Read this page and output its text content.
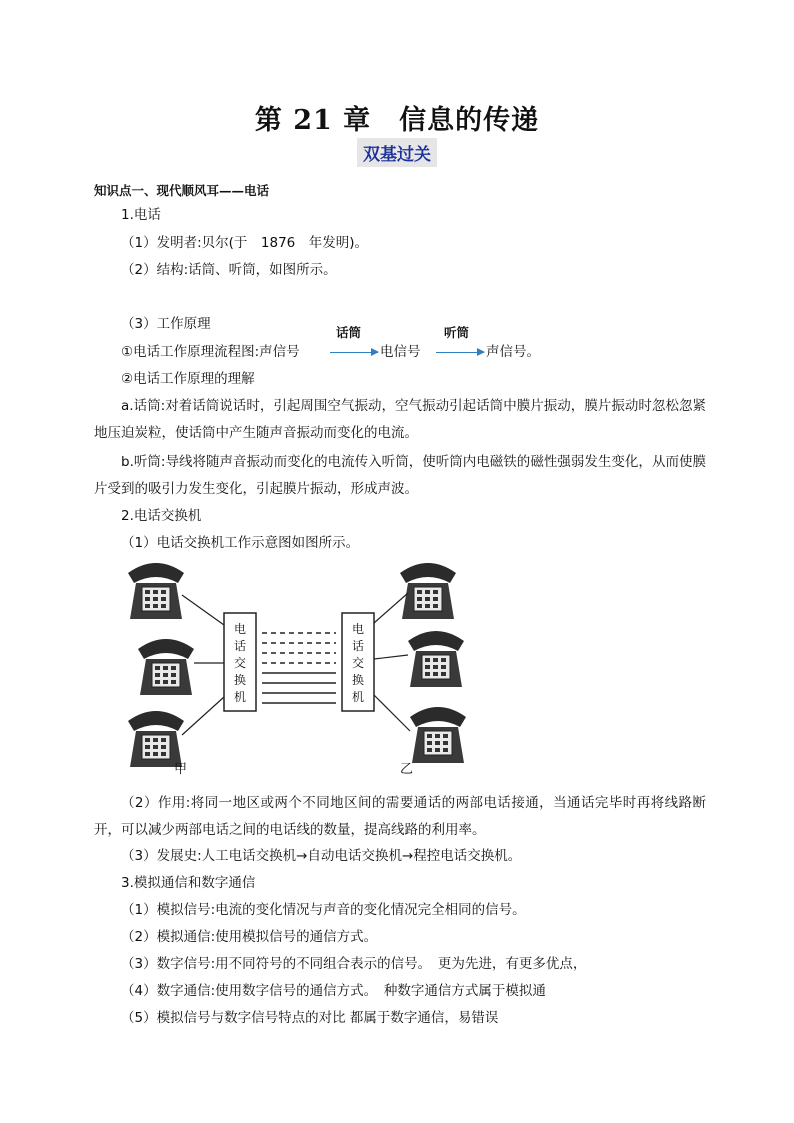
第 21 章　信息的传递
双基过关
知识点一、现代顺风耳——电话
1.电话
（1）发明者:贝尔(于　1876　年发明)。
（2）结构:话筒、听筒，如图所示。
（3）工作原理
①电话工作原理流程图:声信号
话筒
电信号
听筒
声信号。
②电话工作原理的理解
a.话筒:对着话筒说话时，引起周围空气振动，空气振动引起话筒中膜片振动，膜片振动时忽松忽紧地压迫炭粒，使话筒中产生随声音振动而变化的电流。
b.听筒:导线将随声音振动而变化的电流传入听筒，使听筒内电磁铁的磁性强弱发生变化，从而使膜片受到的吸引力发生变化，引起膜片振动，形成声波。
2.电话交换机
（1）电话交换机工作示意图如图所示。
电话交换机
电话交换机
甲	乙
（2）作用:将同一地区或两个不同地区间的需要通话的两部电话接通，当通话完毕时再将线路断开，可以减少两部电话之间的电话线的数量，提高线路的利用率。
（3）发展史:人工电话交换机→自动电话交换机→程控电话交换机。
3.模拟通信和数字通信
（1）模拟信号:电流的变化情况与声音的变化情况完全相同的信号。
（2）模拟通信:使用模拟信号的通信方式。
（3）数字信号:用不同符号的不同组合表示的信号。　更为先进，有更多优点，
（4）数字通信:使用数字信号的通信方式。　种数字通信方式属于模拟通
（5）模拟信号与数字信号特点的对比 都属于数字通信，易错误
